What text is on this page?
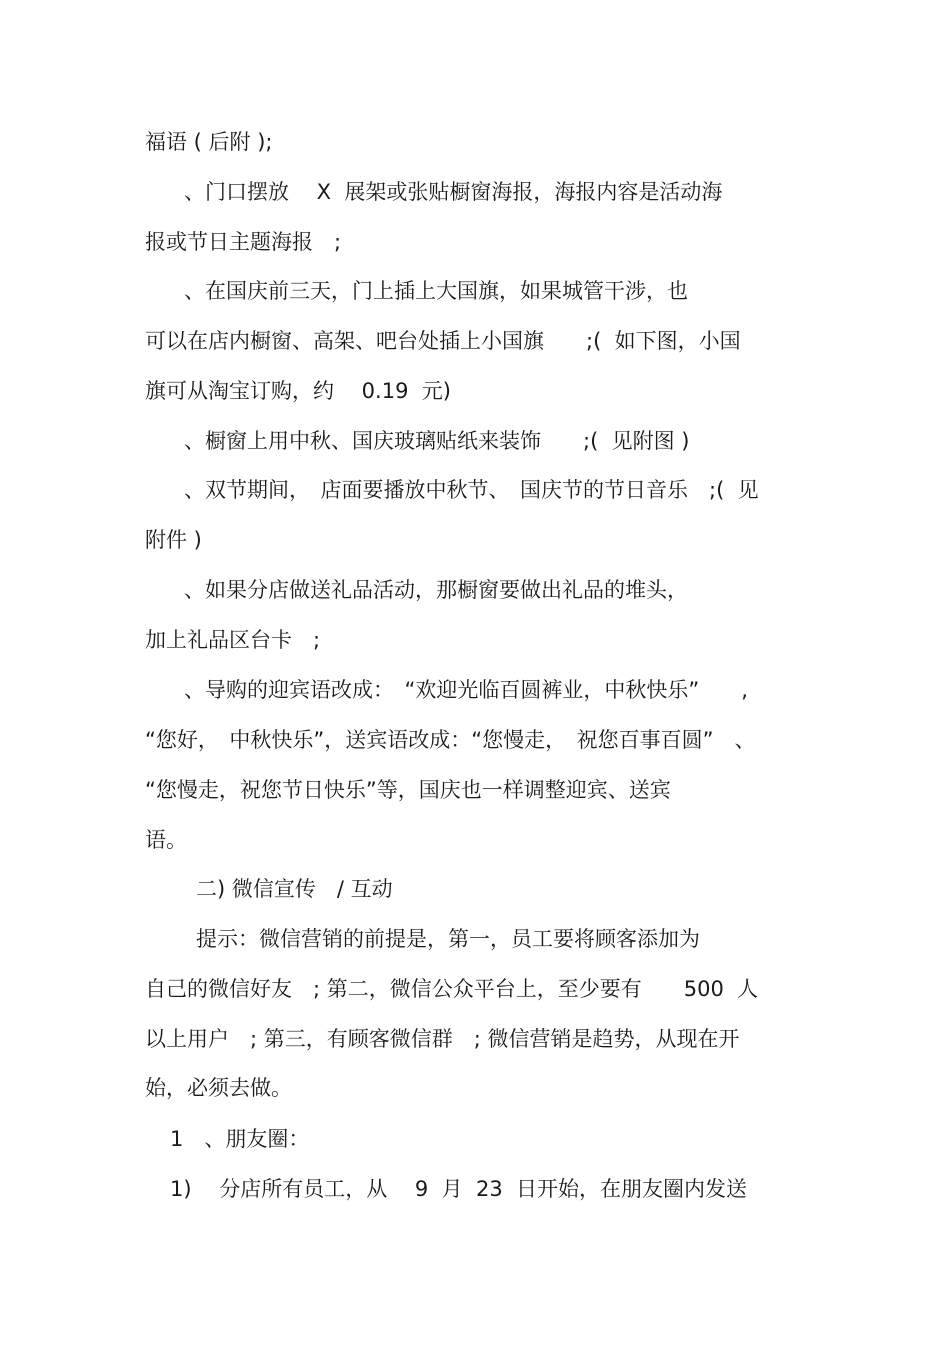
福语 ( 后附 );
、门口摆放　 X  展架或张贴橱窗海报，海报内容是活动海
报或节日主题海报　;
、在国庆前三天，门上插上大国旗，如果城管干涉，也
可以在店内橱窗、高架、吧台处插上小国旗　　;(  如下图，小国
旗可从淘宝订购，约　 0.19  元)
、橱窗上用中秋、国庆玻璃贴纸来装饰　　;(  见附图 )
、双节期间，　店面要播放中秋节、　国庆节的节日音乐　;(  见
附件 )
、如果分店做送礼品活动，那橱窗要做出礼品的堆头，
加上礼品区台卡　;
、导购的迎宾语改成：　“欢迎光临百圆裤业，中秋快乐”　　,
“您好，　中秋快乐”，送宾语改成：“您慢走，　祝您百事百圆”　、
“您慢走，祝您节日快乐”等，国庆也一样调整迎宾、送宾
语。
二) 微信宣传　/ 互动
提示：微信营销的前提是，第一，员工要将顾客添加为
自己的微信好友　; 第二，微信公众平台上，至少要有　　500  人
以上用户　; 第三，有顾客微信群　; 微信营销是趋势，从现在开
始，必须去做。
1　、朋友圈：
1)　 分店所有员工，从　 9  月  23  日开始，在朋友圈内发送
